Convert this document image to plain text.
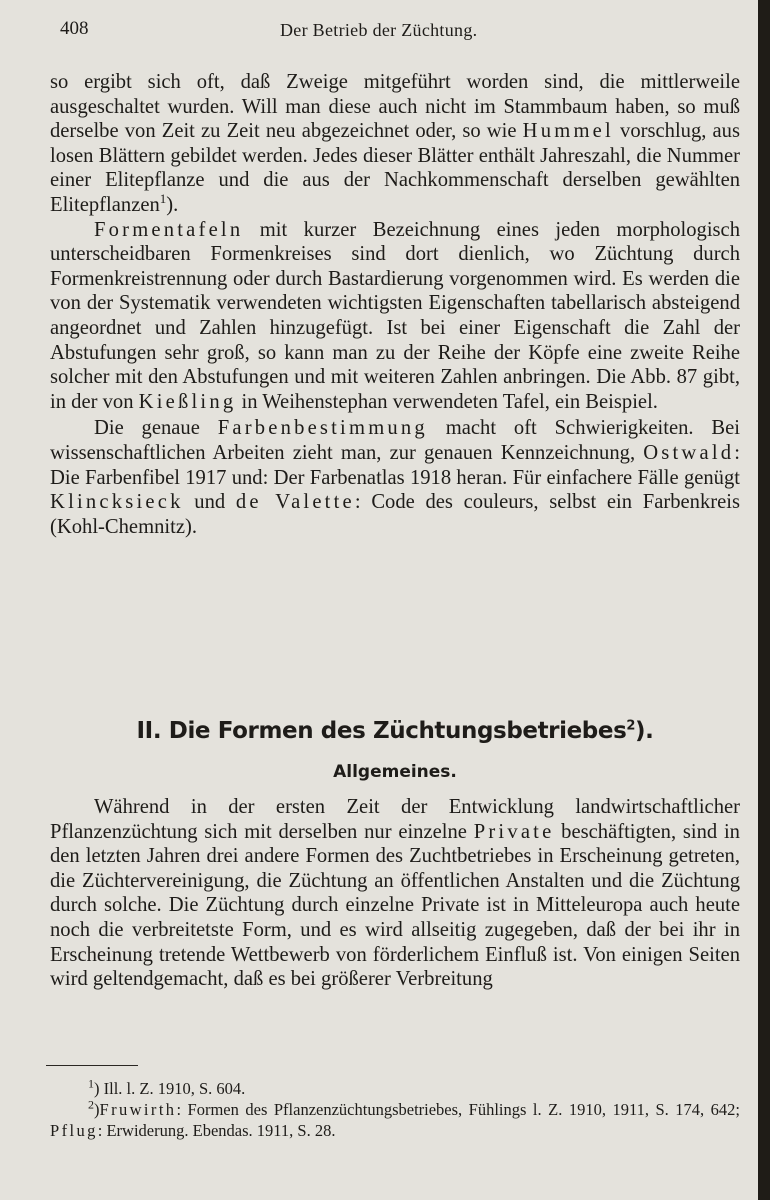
408	Der Betrieb der Züchtung.

so ergibt sich oft, daß Zweige mitgeführt worden sind, die mittlerweile ausgeschaltet wurden. Will man diese auch nicht im Stammbaum haben, so muß derselbe von Zeit zu Zeit neu abgezeichnet oder, so wie Hummel vorschlug, aus losen Blättern gebildet werden. Jedes dieser Blätter enthält Jahreszahl, die Nummer einer Elitepflanze und die aus der Nachkommenschaft derselben gewählten Elitepflanzen$^1$).

Formentafeln mit kurzer Bezeichnung eines jeden morphologisch unterscheidbaren Formenkreises sind dort dienlich, wo Züchtung durch Formenkreistrennung oder durch Bastardierung vorgenommen wird. Es werden die von der Systematik verwendeten wichtigsten Eigenschaften tabellarisch absteigend angeordnet und Zahlen hinzugefügt. Ist bei einer Eigenschaft die Zahl der Abstufungen sehr groß, so kann man zu der Reihe der Köpfe eine zweite Reihe solcher mit den Abstufungen und mit weiteren Zahlen anbringen. Die Abb. 87 gibt, in der von Kießling in Weihenstephan verwendeten Tafel, ein Beispiel.

Die genaue Farbenbestimmung macht oft Schwierigkeiten. Bei wissenschaftlichen Arbeiten zieht man, zur genauen Kennzeichnung, Ostwald: Die Farbenfibel 1917 und: Der Farbenatlas 1918 heran. Für einfachere Fälle genügt Klincksieck und de Valette: Code des couleurs, selbst ein Farbenkreis (Kohl-Chemnitz).

II. Die Formen des Züchtungsbetriebes$^2$).
Allgemeines.

Während in der ersten Zeit der Entwicklung landwirtschaftlicher Pflanzenzüchtung sich mit derselben nur einzelne Private beschäftigten, sind in den letzten Jahren drei andere Formen des Zuchtbetriebes in Erscheinung getreten, die Züchtervereinigung, die Züchtung an öffentlichen Anstalten und die Züchtung durch solche. Die Züchtung durch einzelne Private ist in Mitteleuropa auch heute noch die verbreitetste Form, und es wird allseitig zugegeben, daß der bei ihr in Erscheinung tretende Wettbewerb von förderlichem Einfluß ist. Von einigen Seiten wird geltendgemacht, daß es bei größerer Verbreitung

$^1$) Ill. l. Z. 1910, S. 604.

$^2$)Fruwirth: Formen des Pflanzenzüchtungsbetriebes, Fühlings l. Z. 1910, 1911, S. 174, 642; Pflug: Erwiderung. Ebendas. 1911, S. 28.
